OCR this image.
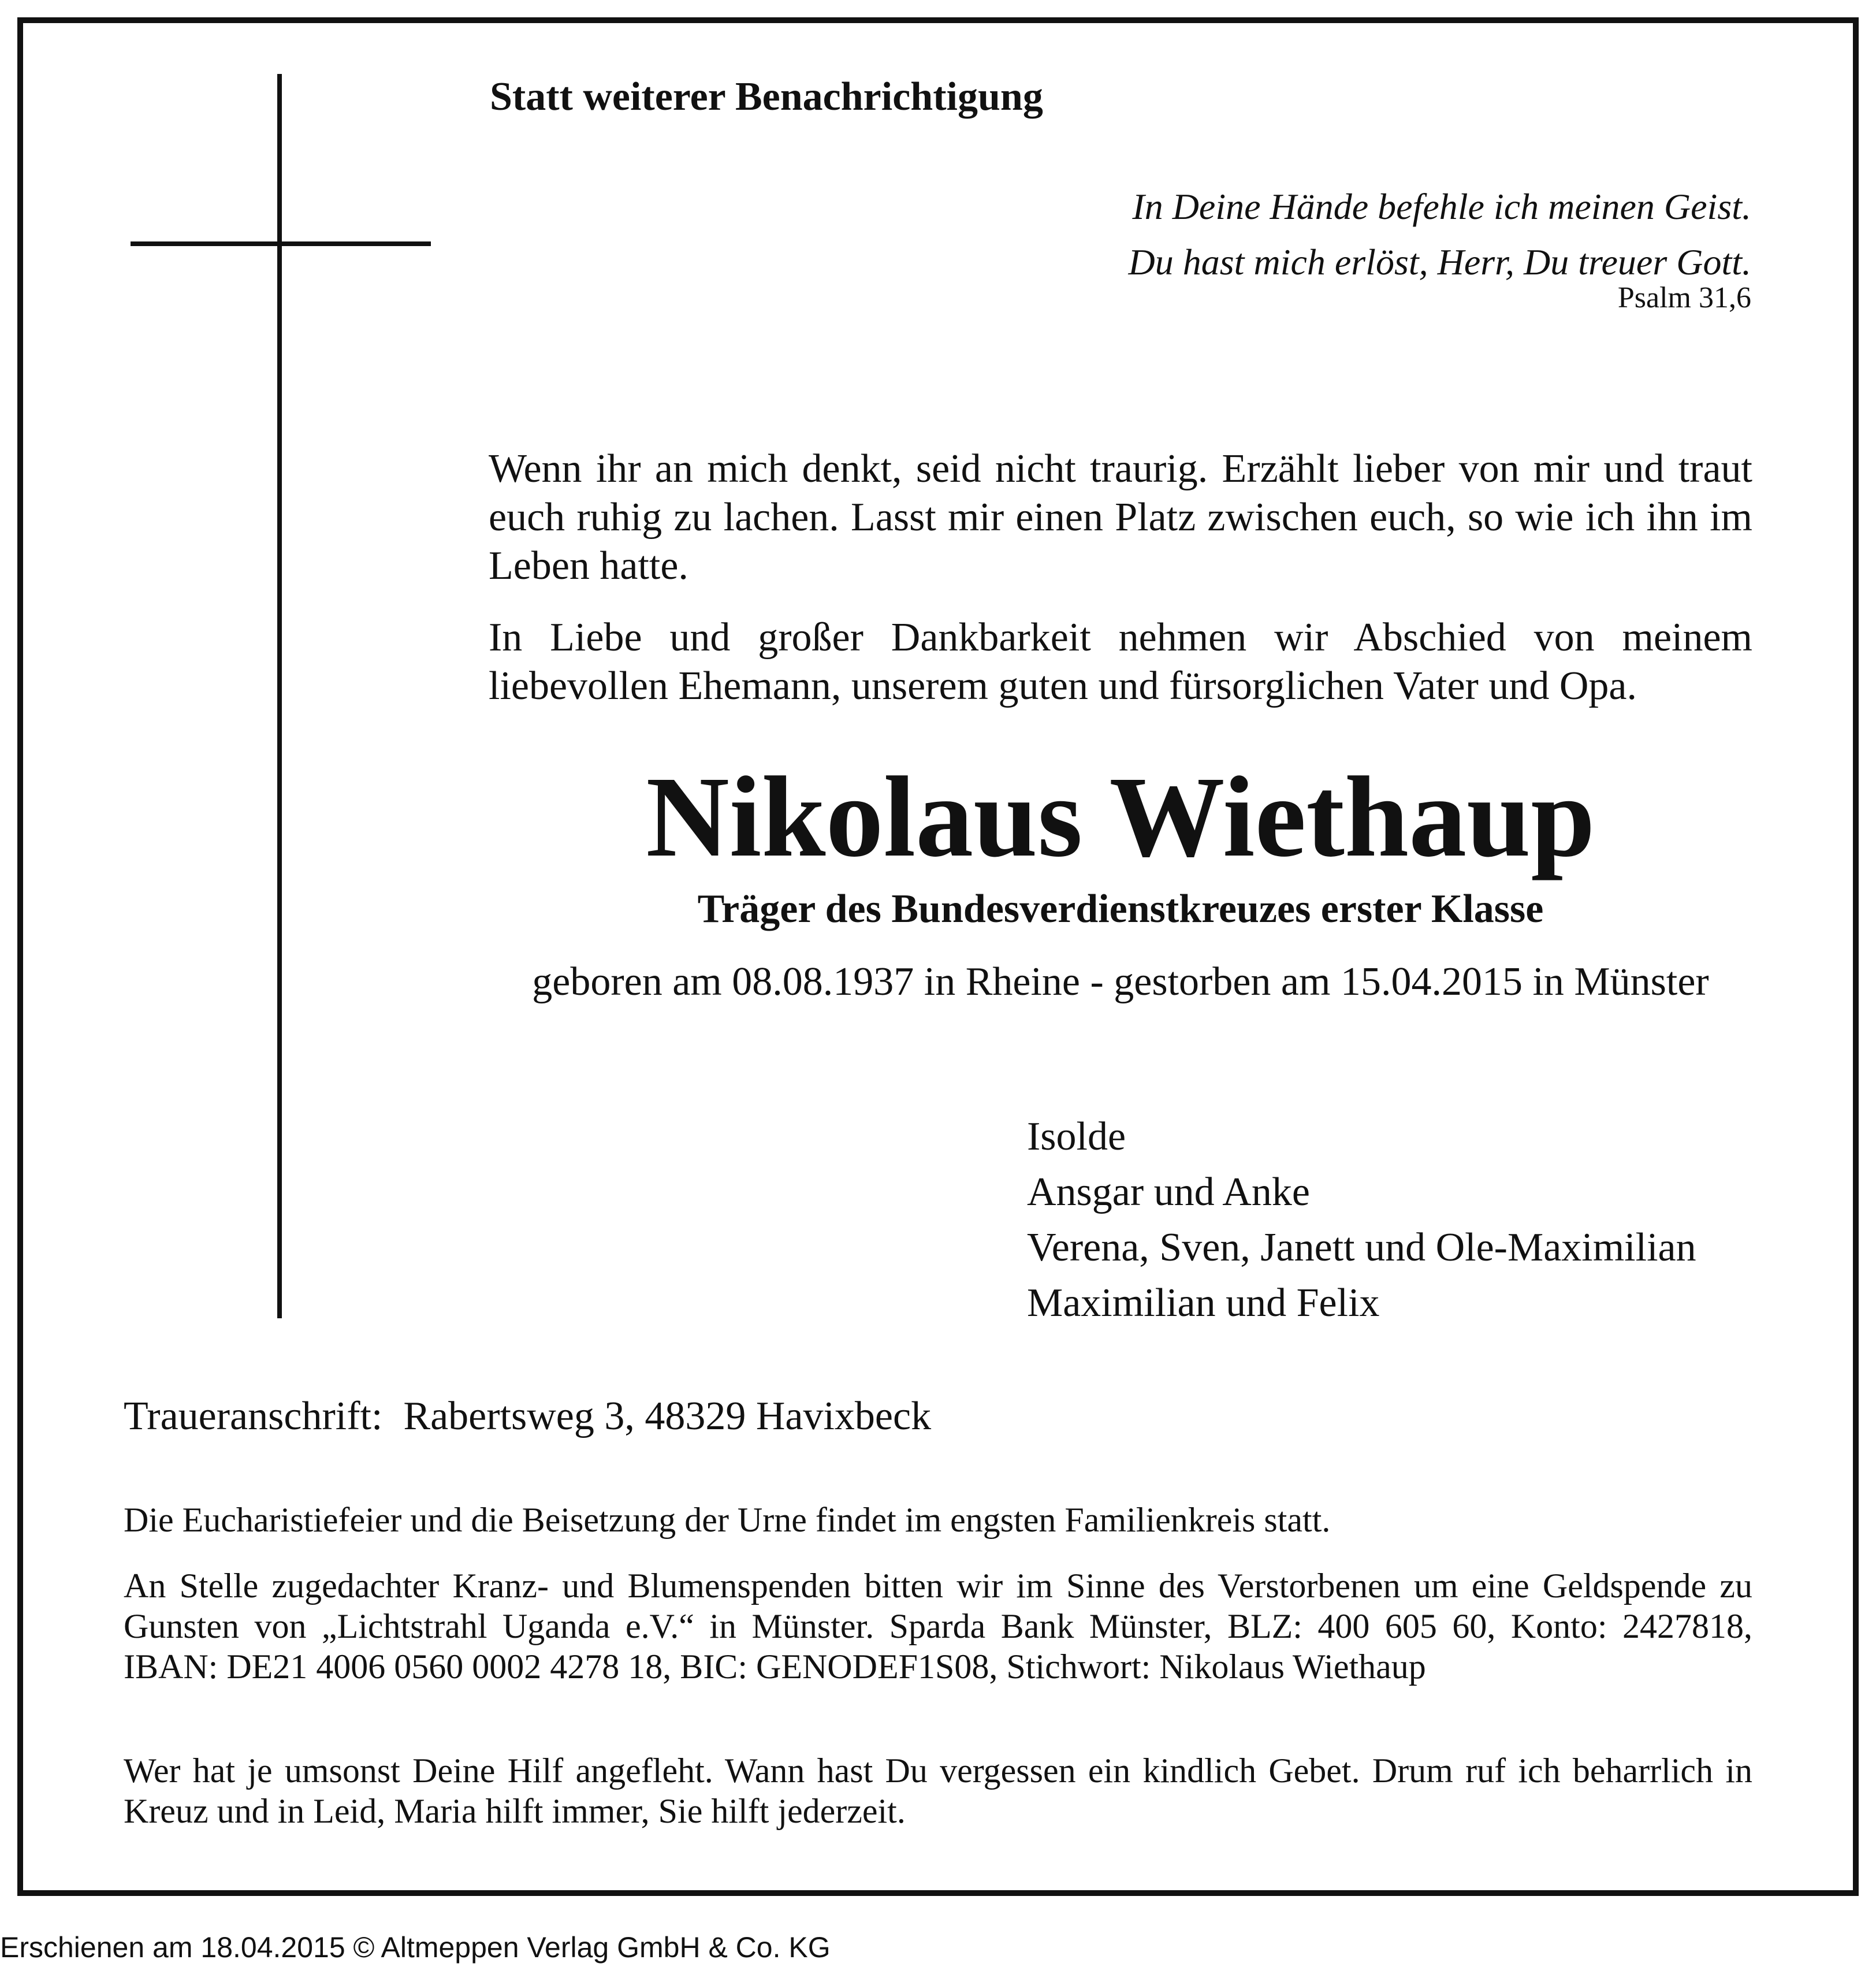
Statt weiterer Benachrichtigung
In Deine Hände befehle ich meinen Geist.
Du hast mich erlöst, Herr, Du treuer Gott.
Psalm 31,6
Wenn ihr an mich denkt, seid nicht traurig. Erzählt lieber von mir und traut euch ruhig zu lachen. Lasst mir einen Platz zwischen euch, so wie ich ihn im Leben hatte.
In Liebe und großer Dankbarkeit nehmen wir Abschied von meinem liebevollen Ehemann, unserem guten und fürsorglichen Vater und Opa.
Nikolaus Wiethaup
Träger des Bundesverdienstkreuzes erster Klasse
geboren am 08.08.1937 in Rheine - gestorben am 15.04.2015 in Münster
Isolde
Ansgar und Anke
Verena, Sven, Janett und Ole-Maximilian
Maximilian und Felix
Traueranschrift: Rabertsweg 3, 48329 Havixbeck
Die Eucharistiefeier und die Beisetzung der Urne findet im engsten Familienkreis statt.
An Stelle zugedachter Kranz- und Blumenspenden bitten wir im Sinne des Verstorbenen um eine Geldspende zu Gunsten von „Lichtstrahl Uganda e.V.“ in Münster. Sparda Bank Münster, BLZ: 400 605 60, Konto: 2427818, IBAN: DE21 4006 0560 0002 4278 18, BIC: GENODEF1S08, Stichwort: Nikolaus Wiethaup
Wer hat je umsonst Deine Hilf angefleht. Wann hast Du vergessen ein kindlich Gebet. Drum ruf ich beharrlich in Kreuz und in Leid, Maria hilft immer, Sie hilft jederzeit.
Erschienen am 18.04.2015 © Altmeppen Verlag GmbH & Co. KG
